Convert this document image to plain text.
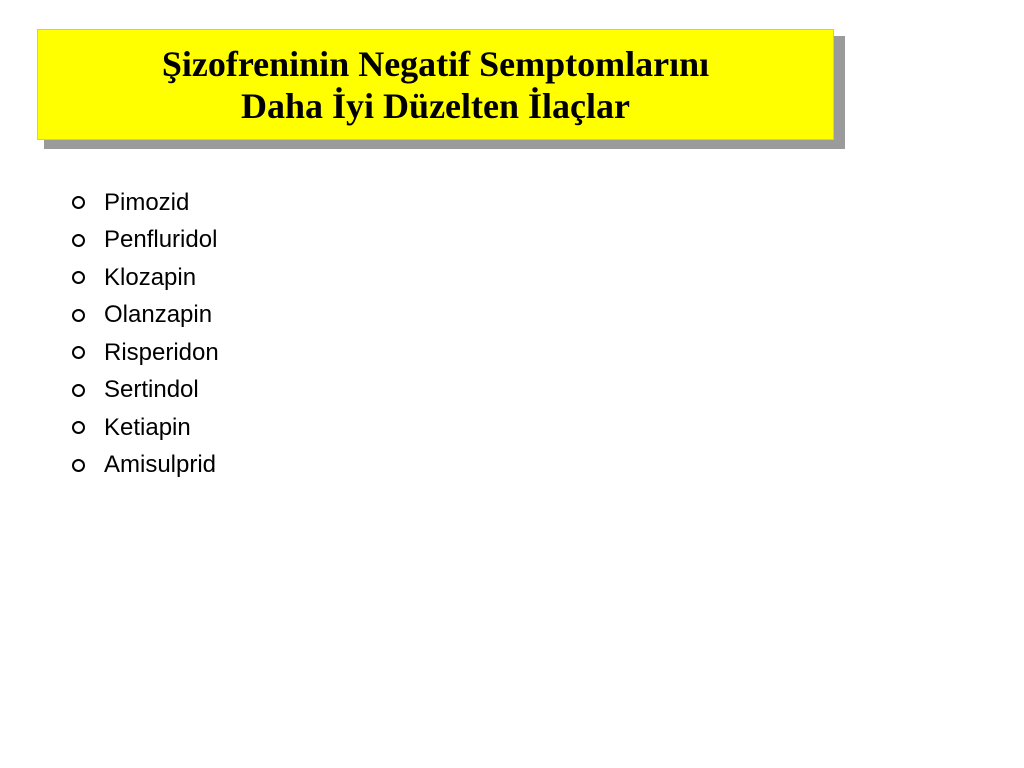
Şizofreninin Negatif Semptomlarını
Daha İyi Düzelten İlaçlar
Pimozid
Penfluridol
Klozapin
Olanzapin
Risperidon
Sertindol
Ketiapin
Amisulprid
